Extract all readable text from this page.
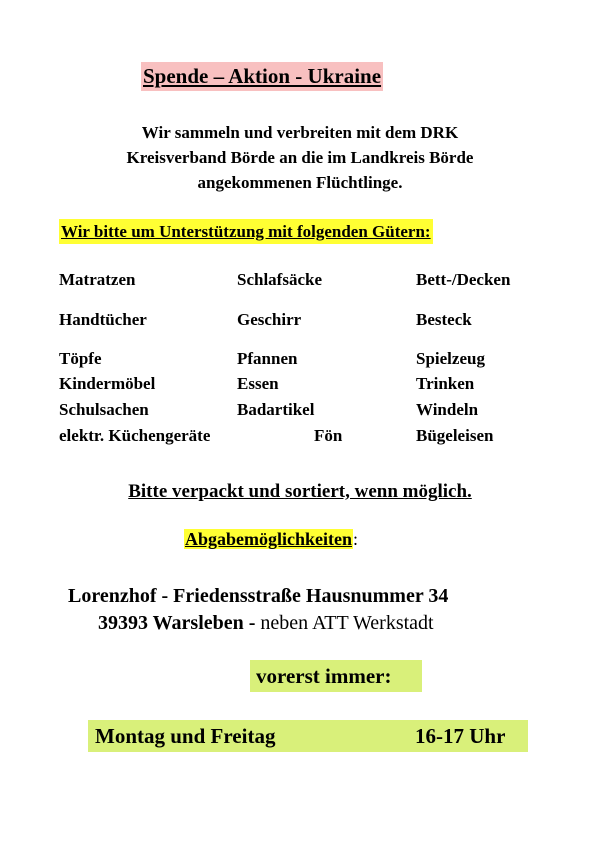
Spende – Aktion - Ukraine
Wir sammeln und verbreiten mit dem DRK
Kreisverband Börde an die im Landkreis Börde
angekommenen Flüchtlinge.
Wir bitte um Unterstützung mit folgenden Gütern:
Matratzen	Schlafsäcke	Bett-/Decken
Handtücher	Geschirr	Besteck
Töpfe	Pfannen	Spielzeug
Kindermöbel	Essen	Trinken
Schulsachen	Badartikel	Windeln
elektr. Küchengeräte	Fön	Bügeleisen
Bitte verpackt und sortiert, wenn möglich.
Abgabemöglichkeiten:
Lorenzhof - Friedensstraße Hausnummer 34
39393 Warsleben - neben ATT Werkstadt
vorerst immer:
Montag und Freitag	16-17 Uhr
